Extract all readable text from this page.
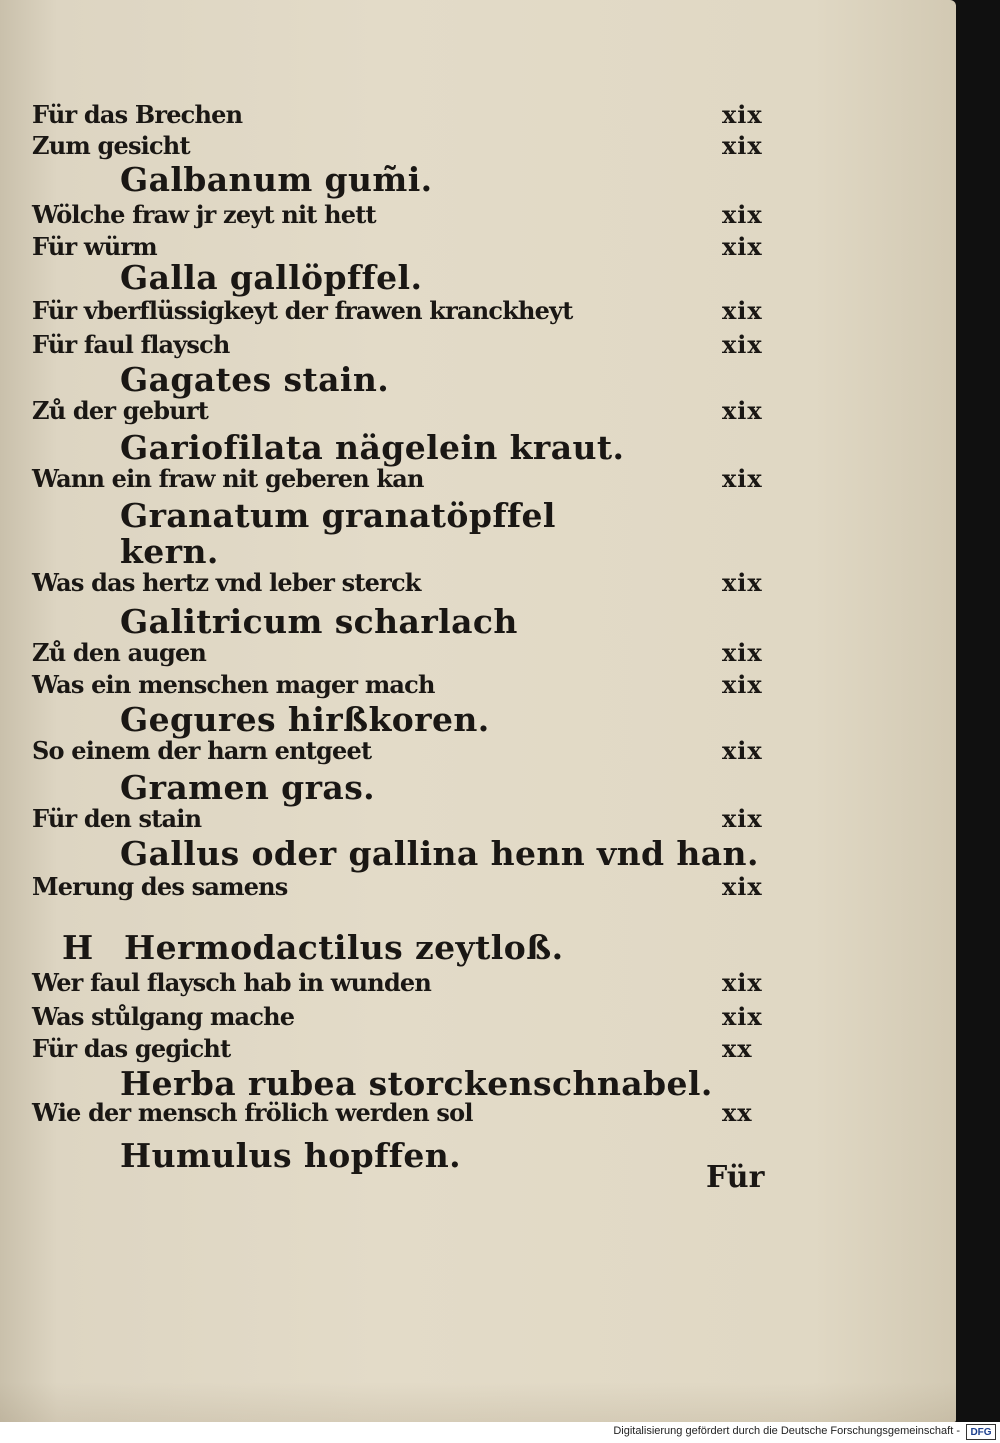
Für das Brechen	xix
Zum gesicht	xix
Galbanum gum̃i.
Wölche fraw jr zeyt nit hett	xix
Für würm	xix
Galla gallöpffel.
Für vberflüssigkeyt der frawen kranckheyt	xix
Für faul flaysch	xix
Gagates stain.
Zů der geburt	xix
Gariofilata nägelein kraut.
Wann ein fraw nit geberen kan	xix
Granatum granatöpffel
kern.
Was das hertz vnd leber sterck	xix
Galitricum scharlach
Zů den augen	xix
Was ein menschen mager mach	xix
Gegures hirßkoren.
So einem der harn entgeet	xix
Gramen gras.
Für den stain	xix
Gallus oder gallina henn vnd han.
Merung des samens	xix
H Hermodactilus zeytloß.
Wer faul flaysch hab in wunden	xix
Was stůlgang mache	xix
Für das gegicht	xx
Herba rubea storckenschnabel.
Wie der mensch frölich werden sol	xx
Humulus hopffen.
Für
Digitalisierung gefördert durch die Deutsche Forschungsgemeinschaft -	DFG
